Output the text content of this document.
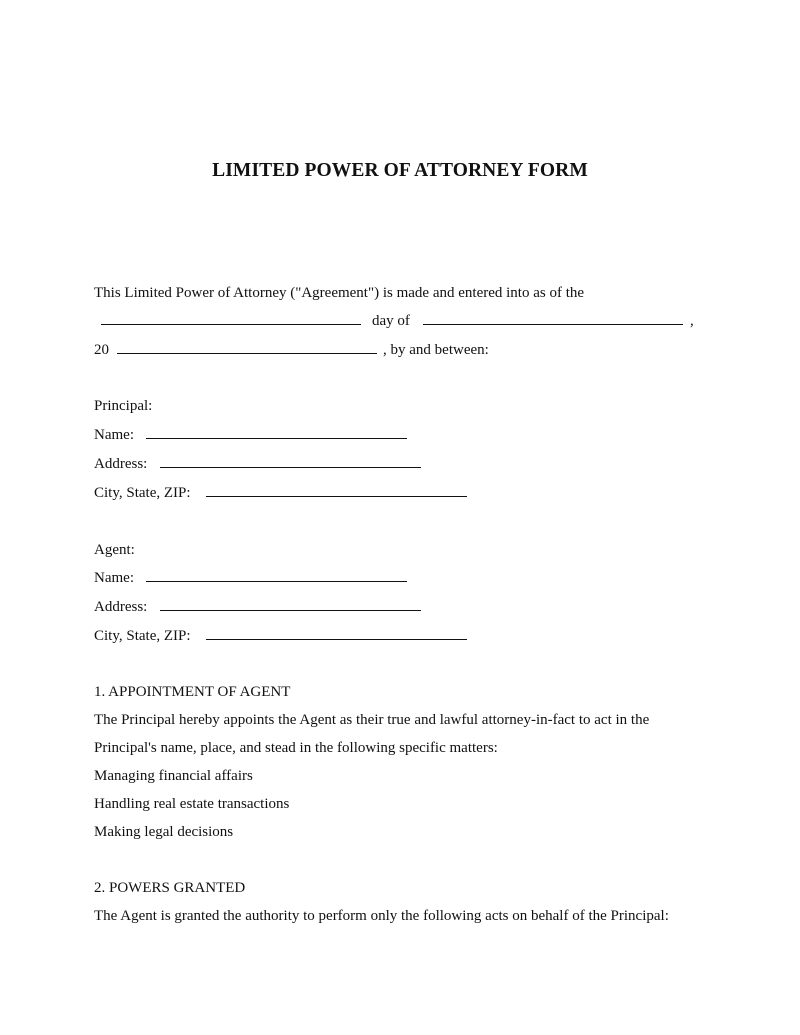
LIMITED POWER OF ATTORNEY FORM
This Limited Power of Attorney ("Agreement") is made and entered into as of the
day of	,
20	, by and between:
Principal:
Name:
Address:
City, State, ZIP:
Agent:
Name:
Address:
City, State, ZIP:
1. APPOINTMENT OF AGENT
The Principal hereby appoints the Agent as their true and lawful attorney-in-fact to act in the
Principal's name, place, and stead in the following specific matters:
Managing financial affairs
Handling real estate transactions
Making legal decisions
2. POWERS GRANTED
The Agent is granted the authority to perform only the following acts on behalf of the Principal:
